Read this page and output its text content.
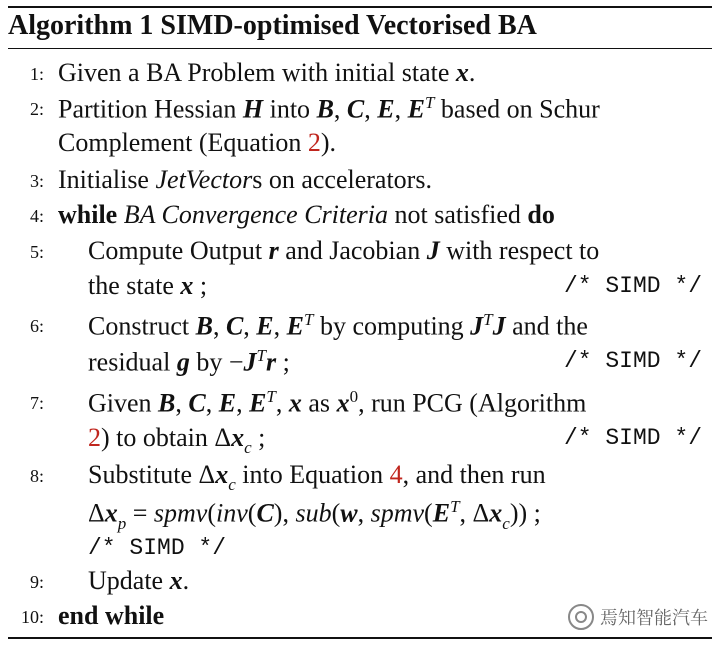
Algorithm 1 SIMD-optimised Vectorised BA
1: Given a BA Problem with initial state x.
2: Partition Hessian H into B, C, E, $E^T$ based on Schur
Complement (Equation 2).
3: Initialise JetVectors on accelerators.
4: while BA Convergence Criteria not satisfied do
5: Compute Output r and Jacobian J with respect to
the state x ;	/* SIMD */
6: Construct B, C, E, $E^T$ by computing $J^TJ$ and the
residual g by $-J^Tr$ ;	/* SIMD */
7: Given B, C, E, $E^T$, x as $x^0$, run PCG (Algorithm
2) to obtain $\Delta x_c$ ;	/* SIMD */
8: Substitute $\Delta x_c$ into Equation 4, and then run
$\Delta x_p$ = spmv(inv(C), sub(w, $spmv(E^T$, $\Delta x_c$)) ;
/* SIMD */
9: Update x.
10: end while	焉知智能汽车
